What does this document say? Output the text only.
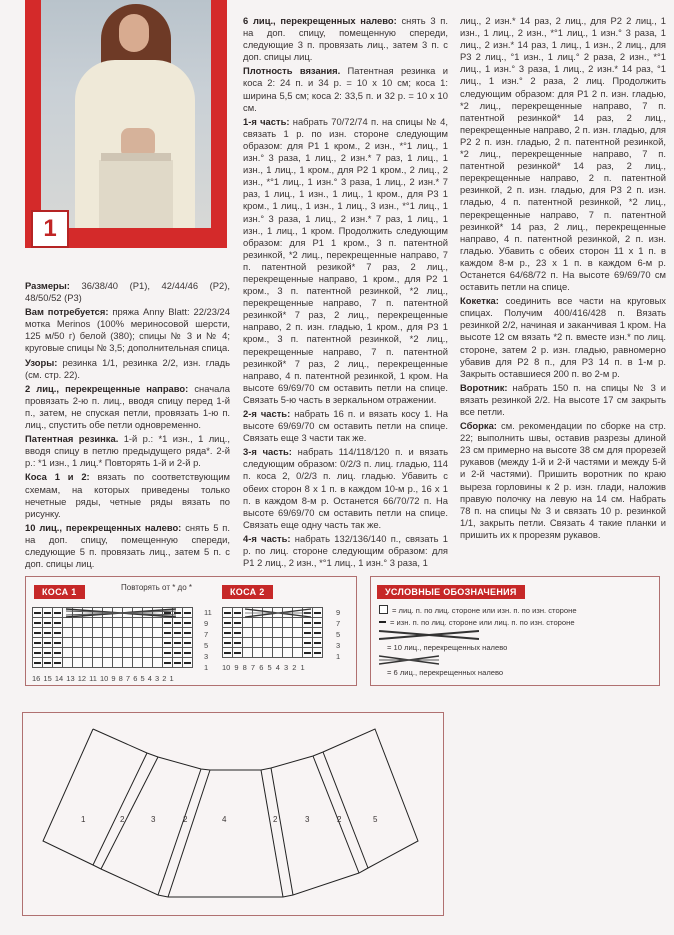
1

Размеры: 36/38/40 (P1), 42/44/46 (P2), 48/50/52 (P3)

Вам потребуется: пряжа Anny Blatt: 22/23/24 мотка Merinos (100% мериносовой шерсти, 125 м/50 г) белой (380); спицы № 3 и № 4; круговые спицы № 3,5; дополнительная спица.

Узоры: резинка 1/1, резинка 2/2, изн. гладь (см. стр. 22).

2 лиц., перекрещенные направо: сначала провязать 2-ю п. лиц., вводя спицу перед 1-й п., затем, не спуская петли, провязать 1-ю п. лиц., спустить обе петли одновременно.

Патентная резинка. 1-й р.: *1 изн., 1 лиц., вводя спицу в петлю предыдущего ряда*. 2-й р.: *1 изн., 1 лиц.* Повторять 1-й и 2-й р.

Коса 1 и 2: вязать по соответствующим схемам, на которых приведены только нечетные ряды, четные ряды вязать по рисунку.

10 лиц., перекрещенных налево: снять 5 п. на доп. спицу, помещенную спереди, следующие 5 п. провязать лиц., затем 5 п. с доп. спицы лиц.

6 лиц., перекрещенных налево: снять 3 п. на доп. спицу, помещенную спереди, следующие 3 п. провязать лиц., затем 3 п. с доп. спицы лиц.

Плотность вязания. Патентная резинка и коса 2: 24 п. и 34 р. = 10 х 10 см; коса 1: ширина 5,5 см; коса 2: 33,5 п. и 32 р. = 10 х 10 см.

1-я часть: набрать 70/72/74 п. на спицы № 4, связать 1 р. по изн. стороне следующим образом: для P1 1 кром., 2 изн., *°1 лиц., 1 изн.° 3 раза, 1 лиц., 2 изн.* 7 раз, 1 лиц., 1 изн., 1 лиц., 1 кром., для P2 1 кром., 2 лиц., 2 изн., *°1 лиц., 1 изн.° 3 раза, 1 лиц., 2 изн.* 7 раз, 1 лиц., 1 изн., 1 лиц., 1 кром., для P3 1 кром., 1 лиц., 1 изн., 1 лиц., 3 изн., *°1 лиц., 1 изн.° 3 раза, 1 лиц., 2 изн.* 7 раз, 1 лиц., 1 изн., 1 лиц., 1 кром. Продолжить следующим образом: для P1 1 кром., 3 п. патентной резинкой, *2 лиц., перекрещенные направо, 7 п. патентной резикой* 7 раз, 2 лиц., перекрещенные направо, 1 кром., для P2 1 кром., 3 п. патентной резинкой, *2 лиц., перекрещенные направо, 7 п. патентной резинкой* 7 раз, 2 лиц., перекрещенные направо, 2 п. изн. гладью, 1 кром., для P3 1 кром., 3 п. патентной резинкой, *2 лиц., перекрещенные направо, 7 п. патентной резинкой* 7 раз, 2 лиц., перекрещенные направо, 4 п. патентной резинкой, 1 кром. На высоте 69/69/70 см оставить петли на спице. Связать 5-ю часть в зеркальном отражении.

2-я часть: набрать 16 п. и вязать косу 1. На высоте 69/69/70 см оставить петли на спице. Связать еще 3 части так же.

3-я часть: набрать 114/118/120 п. и вязать следующим образом: 0/2/3 п. лиц. гладью, 114 п. коса 2, 0/2/3 п. лиц. гладью. Убавить с обеих сторон 8 х 1 п. в каждом 10-м р., 16 х 1 п. в каждом 8-м р. Останется 66/70/72 п. На высоте 69/69/70 см оставить петли на спице. Связать еще одну часть так же.

4-я часть: набрать 132/136/140 п., связать 1 р. по лиц. стороне следующим образом: для P1 2 лиц., 2 изн., *°1 лиц., 1 изн.° 3 раза, 1

лиц., 2 изн.* 14 раз, 2 лиц., для P2 2 лиц., 1 изн., 1 лиц., 2 изн., *°1 лиц., 1 изн.° 3 раза, 1 лиц., 2 изн.* 14 раз, 1 лиц., 1 изн., 2 лиц., для P3 2 лиц., °1 изн., 1 лиц.° 2 раза, 2 изн., *°1 лиц., 1 изн.° 3 раза, 1 лиц., 2 изн.* 14 раз, °1 лиц., 1 изн.° 2 раза, 2 лиц. Продолжить следующим образом: для P1 2 п. изн. гладью, *2 лиц., перекрещенные направо, 7 п. патентной резинкой* 14 раз, 2 лиц., перекрещенные направо, 2 п. изн. гладью, для P2 2 п. изн. гладью, 2 п. патентной резинкой, *2 лиц., перекрещенные направо, 7 п. патентной резинкой* 14 раз, 2 лиц., перекрещенные направо, 2 п. патентной резинкой, 2 п. изн. гладью, для P3 2 п. изн. гладью, 4 п. патентной резинкой, *2 лиц., перекрещенные направо, 7 п. патентной резинкой* 14 раз, 2 лиц., перекрещенные направо, 4 п. патентной резинкой, 2 п. изн. гладью. Убавить с обеих сторон 11 х 1 п. в каждом 8-м р., 23 х 1 п. в каждом 6-м р. Останется 64/68/72 п. На высоте 69/69/70 см оставить петли на спице.

Кокетка: соединить все части на круговых спицах. Получим 400/416/428 п. Вязать резинкой 2/2, начиная и заканчивая 1 кром. На высоте 12 см вязать *2 п. вместе изн.* по лиц. стороне, затем 2 р. изн. гладью, равномерно убавив для P2 8 п., для P3 14 п. в 1-м р. Закрыть оставшиеся 200 п. во 2-м р.

Воротник: набрать 150 п. на спицы № 3 и вязать резинкой 2/2. На высоте 17 см закрыть все петли.

Сборка: см. рекомендации по сборке на стр. 22; выполнить швы, оставив разрезы длиной 23 см примерно на высоте 38 см для прорезей рукавов (между 1-й и 2-й частями и между 5-й и 2-й частями). Пришить воротник по краю выреза горловины к 2 р. изн. глади, наложив правую полочку на левую на 14 см. Набрать 78 п. на спицы № 3 и связать 10 р. резинкой 1/1, закрыть петли. Связать 4 такие планки и пришить их к прорезям рукавов.

КОСА 1	Повторять от * до *

11
9
7
5
3
1
16 15 14 13 12 11 10 9 8 7 6 5 4 3 2 1
КОСА 2

9
7
5
3
1
10 9 8 7 6 5 4 3 2 1
УСЛОВНЫЕ ОБОЗНАЧЕНИЯ
= лиц. п. по лиц. стороне или изн. п. по изн. стороне
= изн. п. по лиц. стороне или лиц. п. по изн. стороне
= 10 лиц., перекрещенных налево
= 6 лиц., перекрещенных налево
1	2	3	2	4	2	3	2	5
